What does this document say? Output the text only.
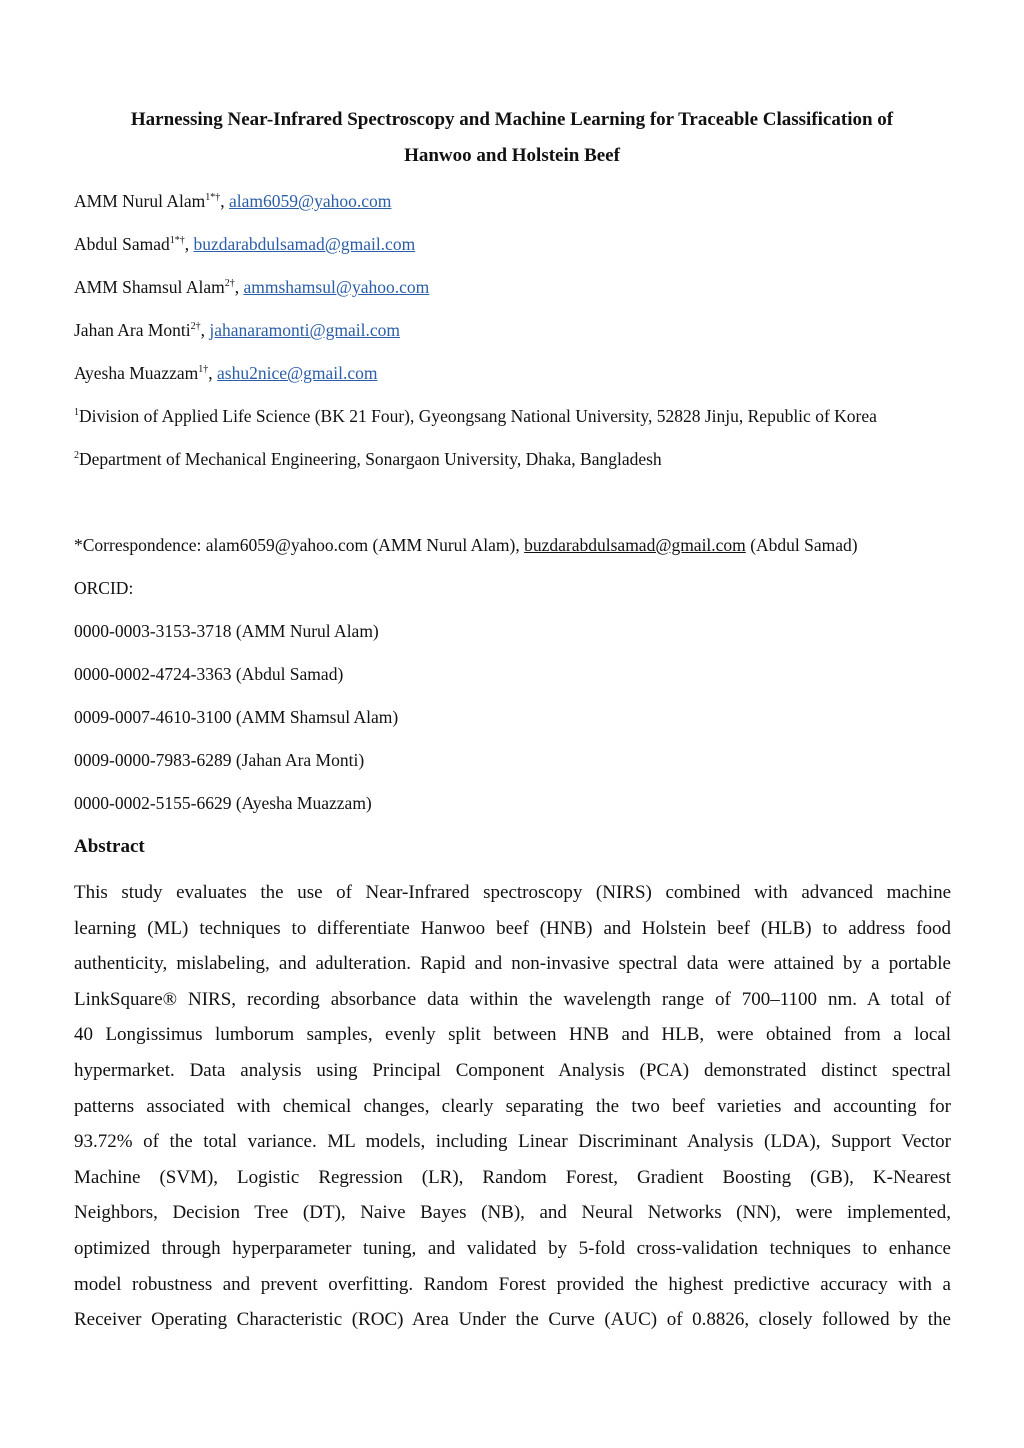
Harnessing Near-Infrared Spectroscopy and Machine Learning for Traceable Classification of
Hanwoo and Holstein Beef
AMM Nurul Alam$^{1*\dagger}$, alam6059@yahoo.com
Abdul Samad$^{1*\dagger}$, buzdarabdulsamad@gmail.com
AMM Shamsul Alam$^{2\dagger}$, ammshamsul@yahoo.com
Jahan Ara Monti$^{2\dagger}$, jahanaramonti@gmail.com
Ayesha Muazzam$^{1\dagger}$, ashu2nice@gmail.com
$^1$Division of Applied Life Science (BK 21 Four), Gyeongsang National University, 52828 Jinju, Republic of Korea
$^2$Department of Mechanical Engineering, Sonargaon University, Dhaka, Bangladesh
*Correspondence: alam6059@yahoo.com (AMM Nurul Alam), buzdarabdulsamad@gmail.com (Abdul Samad)
ORCID:
0000-0003-3153-3718 (AMM Nurul Alam)
0000-0002-4724-3363 (Abdul Samad)
0009-0007-4610-3100 (AMM Shamsul Alam)
0009-0000-7983-6289 (Jahan Ara Monti)
0000-0002-5155-6629 (Ayesha Muazzam)
Abstract
This study evaluates the use of Near-Infrared spectroscopy (NIRS) combined with advanced machine
learning (ML) techniques to differentiate Hanwoo beef (HNB) and Holstein beef (HLB) to address food
authenticity, mislabeling, and adulteration. Rapid and non-invasive spectral data were attained by a portable
LinkSquare® NIRS, recording absorbance data within the wavelength range of 700–1100 nm. A total of
40 Longissimus lumborum samples, evenly split between HNB and HLB, were obtained from a local
hypermarket. Data analysis using Principal Component Analysis (PCA) demonstrated distinct spectral
patterns associated with chemical changes, clearly separating the two beef varieties and accounting for
93.72% of the total variance. ML models, including Linear Discriminant Analysis (LDA), Support Vector
Machine (SVM), Logistic Regression (LR), Random Forest, Gradient Boosting (GB), K-Nearest
Neighbors, Decision Tree (DT), Naive Bayes (NB), and Neural Networks (NN), were implemented,
optimized through hyperparameter tuning, and validated by 5-fold cross-validation techniques to enhance
model robustness and prevent overfitting. Random Forest provided the highest predictive accuracy with a
Receiver Operating Characteristic (ROC) Area Under the Curve (AUC) of 0.8826, closely followed by the
